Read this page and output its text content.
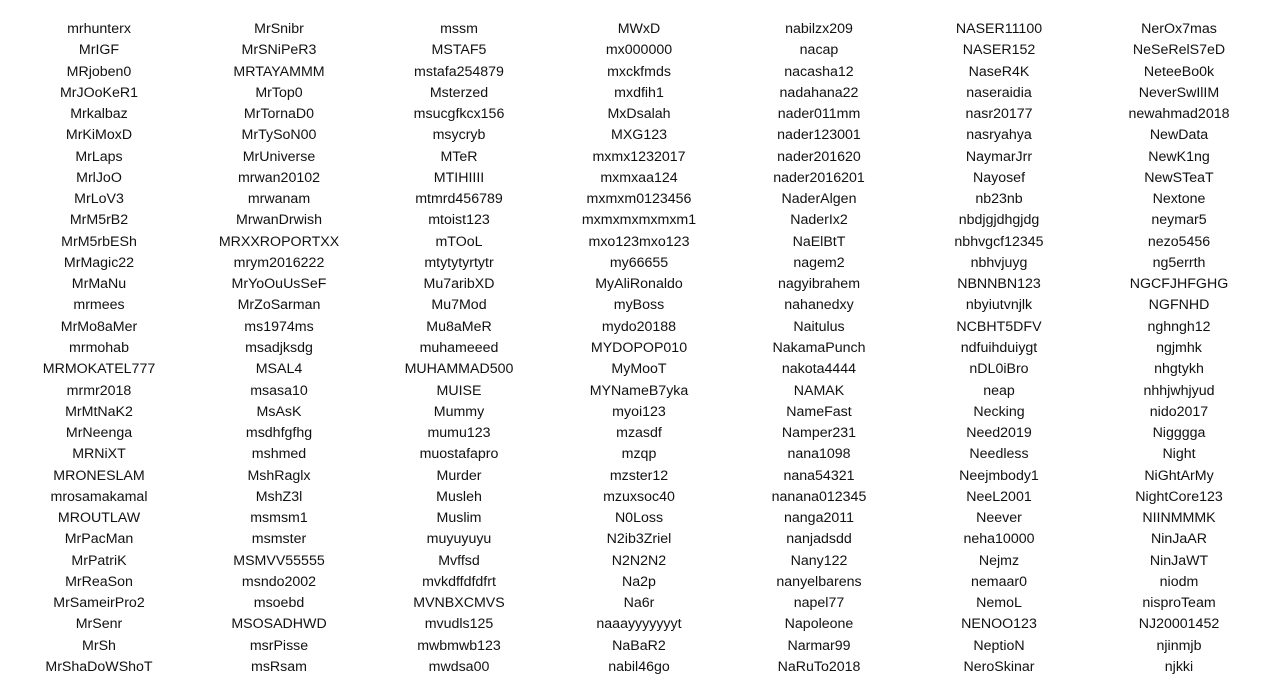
mrhunterx
MrIGF
MRjoben0
MrJOoKeR1
Mrkalbaz
MrKiMoxD
MrLaps
MrlJoO
MrLoV3
MrM5rB2
MrM5rbESh
MrMagic22
MrMaNu
mrmees
MrMo8aMer
mrmohab
MRMOKATEL777
mrmr2018
MrMtNaK2
MrNeenga
MRNiXT
MRONESLAM
mrosamakamal
MROUTLAW
MrPacMan
MrPatriK
MrReaSon
MrSameirPro2
MrSenr
MrSh
MrShaDoWShoT
MrSnibr
MrSNiPeR3
MRTAYAMMM
MrTop0
MrTornaD0
MrTySoN00
MrUniverse
mrwan20102
mrwanam
MrwanDrwish
MRXXROPORTXX
mrym2016222
MrYoOuUsSeF
MrZoSarman
ms1974ms
msadjksdg
MSAL4
msasa10
MsAsK
msdhfgfhg
mshmed
MshRaglx
MshZ3l
msmsm1
msmster
MSMVV55555
msndo2002
msoebd
MSOSADHWD
msrPisse
msRsam
mssm
MSTAF5
mstafa254879
Msterzed
msucgfkcx156
msycryb
MTeR
MTIHIIII
mtmrd456789
mtoist123
mTOoL
mtytytyrtytr
Mu7aribXD
Mu7Mod
Mu8aMeR
muhameeed
MUHAMMAD500
MUISE
Mummy
mumu123
muostafapro
Murder
Musleh
Muslim
muyuyuyu
Mvffsd
mvkdffdfdfrt
MVNBXCMVS
mvudls125
mwbmwb123
mwdsa00
MWxD
mx000000
mxckfmds
mxdfih1
MxDsalah
MXG123
mxmx1232017
mxmxaa124
mxmxm0123456
mxmxmxmxmxm1
mxo123mxo123
my66655
MyAliRonaldo
myBoss
mydo20188
MYDOPOP010
MyMooT
MYNameB7yka
myoi123
mzasdf
mzqp
mzster12
mzuxsoc40
N0Loss
N2ib3Zriel
N2N2N2
Na2p
Na6r
naaayyyyyyyt
NaBaR2
nabil46go
nabilzx209
nacap
nacasha12
nadahana22
nader011mm
nader123001
nader201620
nader2016201
NaderAlgen
NaderIx2
NaElBtT
nagem2
nagyibrahem
nahanedxy
Naitulus
NakamaPunch
nakota4444
NAMAK
NameFast
Namper231
nana1098
nana54321
nanana012345
nanga2011
nanjadsdd
Nany122
nanyelbarens
napel77
Napoleone
Narmar99
NaRuTo2018
NASER11100
NASER152
NaseR4K
naseraidia
nasr20177
nasryahya
NaymarJrr
Nayosef
nb23nb
nbdjgjdhgjdg
nbhvgcf12345
nbhvjuyg
NBNNBN123
nbyiutvnjlk
NCBHT5DFV
ndfuihduiygt
nDL0iBro
neap
Necking
Need2019
Needless
Neejmbody1
NeeL2001
Neever
neha10000
Nejmz
nemaar0
NemoL
NENOO123
NeptioN
NeroSkinar
NerOx7mas
NeSeRelS7eD
NeteeBo0k
NeverSwIlIM
newahmad2018
NewData
NewK1ng
NewSTeaT
Nextone
neymar5
nezo5456
ng5errth
NGCFJHFGHG
NGFNHD
nghngh12
ngjmhk
nhgtykh
nhhjwhjyud
nido2017
Nigggga
Night
NiGhtArMy
NightCore123
NIINMMMK
NinJaAR
NinJaWT
niodm
nisproTeam
NJ20001452
njinmjb
njkki
